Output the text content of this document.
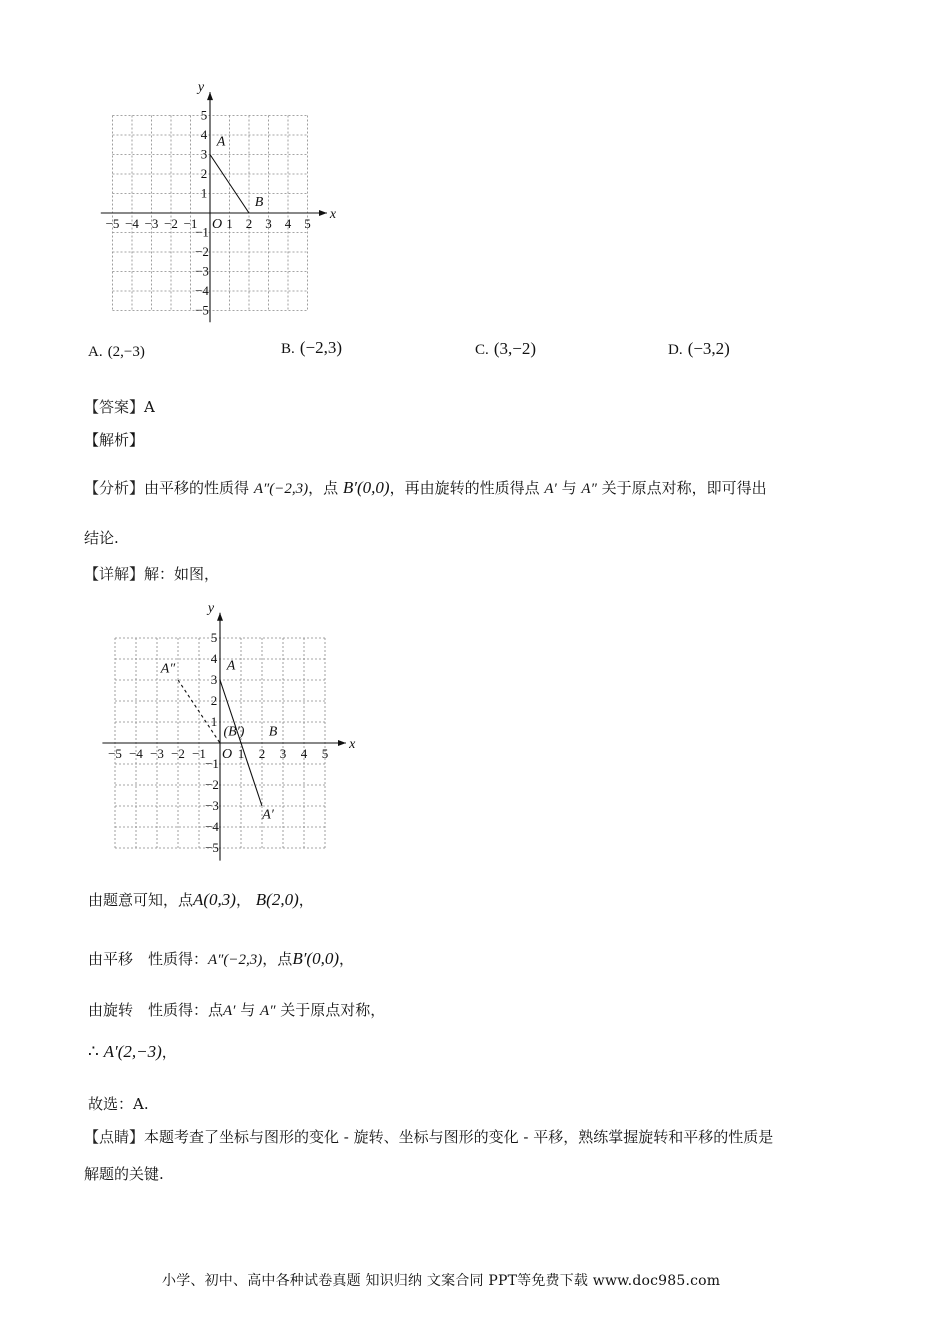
x
y
O
−5 −4 −3 −2 −1 1 2 3 4 5
5
4
3
2
1
−1
−2
−3
−4
−5
A
B
A. (2,−3)	B. (−2,3)	C. (3,−2)	D. (−3,2)
【答案】A
【解析】
【分析】由平移的性质得 A″(−2,3)，点 B′(0,0)，再由旋转的性质得点 A′ 与 A″ 关于原点对称，即可得出
结论.
【详解】解：如图，
x
y
O
−5 −4 −3 −2 −1 1 2 3 4 5
5
4
3
2
1
−1
−2
−3
−4
−5
A
B
(B′)
A′
A″
由题意可知，点A(0,3)， B(2,0)，
由平移　性质得：A″(−2,3)，点B′(0,0)，
由旋转　性质得：点A′ 与 A″ 关于原点对称，
∴ A′(2,−3)，
故选：A.
【点睛】本题考查了坐标与图形的变化 - 旋转、坐标与图形的变化 - 平移，熟练掌握旋转和平移的性质是
解题的关键.
小学、初中、高中各种试卷真题 知识归纳 文案合同 PPT等免费下载 www.doc985.com
